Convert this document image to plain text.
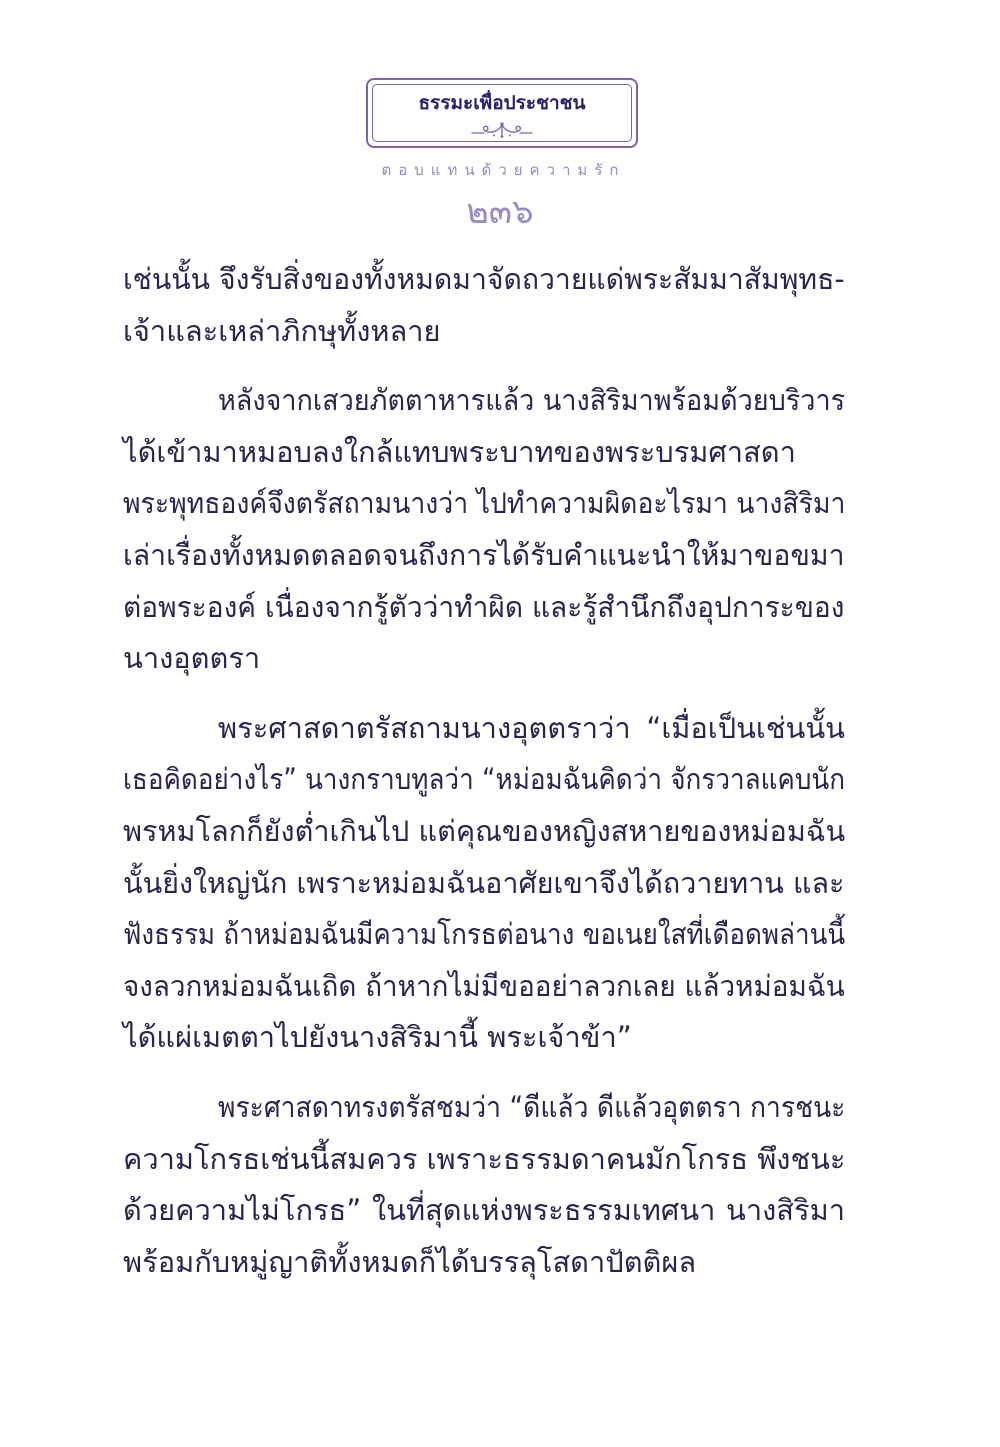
ธรรมะเพื่อประชาชน
ตอบแทนด้วยความรัก
๒๓๖
เช่นนั้น จึงรับสิ่งของทั้งหมดมาจัดถวายแด่พระสัมมาสัมพุทธ-
เจ้าและเหล่าภิกษุทั้งหลาย
หลังจากเสวยภัตตาหารแล้ว นางสิริมาพร้อมด้วยบริวาร
ได้เข้ามาหมอบลงใกล้แทบพระบาทของพระบรมศาสดา
พระพุทธองค์จึงตรัสถามนางว่า ไปทำความผิดอะไรมา นางสิริมา
เล่าเรื่องทั้งหมดตลอดจนถึงการได้รับคำแนะนำให้มาขอขมา
ต่อพระองค์ เนื่องจากรู้ตัวว่าทำผิด และรู้สำนึกถึงอุปการะของ
นางอุตตรา
พระศาสดาตรัสถามนางอุตตราว่า “เมื่อเป็นเช่นนั้น
เธอคิดอย่างไร” นางกราบทูลว่า “หม่อมฉันคิดว่า จักรวาลแคบนัก
พรหมโลกก็ยังต่ำเกินไป แต่คุณของหญิงสหายของหม่อมฉัน
นั้นยิ่งใหญ่นัก เพราะหม่อมฉันอาศัยเขาจึงได้ถวายทาน และ
ฟังธรรม ถ้าหม่อมฉันมีความโกรธต่อนาง ขอเนยใสที่เดือดพล่านนี้
จงลวกหม่อมฉันเถิด ถ้าหากไม่มีขออย่าลวกเลย แล้วหม่อมฉัน
ได้แผ่เมตตาไปยังนางสิริมานี้ พระเจ้าข้า”
พระศาสดาทรงตรัสชมว่า “ดีแล้ว ดีแล้วอุตตรา การชนะ
ความโกรธเช่นนี้สมควร เพราะธรรมดาคนมักโกรธ พึงชนะ
ด้วยความไม่โกรธ” ในที่สุดแห่งพระธรรมเทศนา นางสิริมา
พร้อมกับหมู่ญาติทั้งหมดก็ได้บรรลุโสดาปัตติผล
